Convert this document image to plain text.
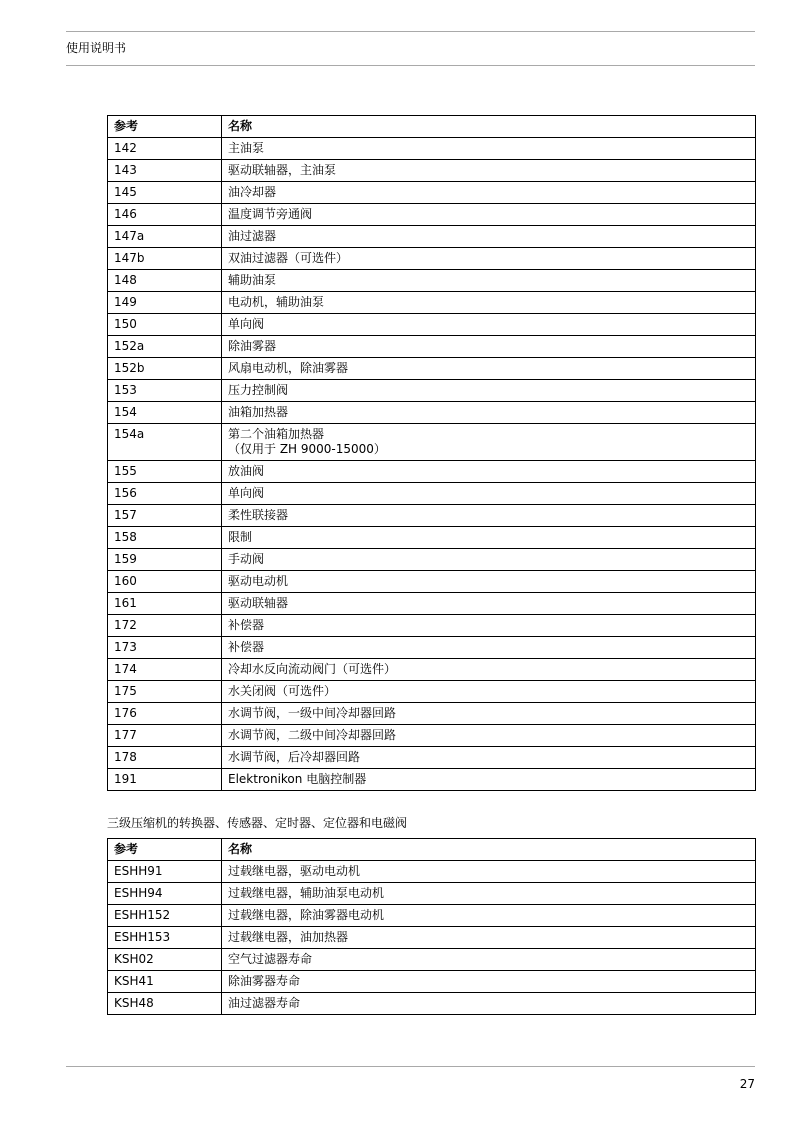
使用说明书
参考	名称
142	主油泵

143	驱动联轴器，主油泵

145	油冷却器

146	温度调节旁通阀

147a	油过滤器

147b	双油过滤器（可选件）

148	辅助油泵

149	电动机，辅助油泵

150	单向阀

152a	除油雾器

152b	风扇电动机，除油雾器

153	压力控制阀

154	油箱加热器

154a	第二个油箱加热器
（仅用于 ZH 9000-15000）

155	放油阀

156	单向阀

157	柔性联接器

158	限制

159	手动阀

160	驱动电动机

161	驱动联轴器

172	补偿器

173	补偿器

174	冷却水反向流动阀门（可选件）

175	水关闭阀（可选件）

176	水调节阀，一级中间冷却器回路

177	水调节阀，二级中间冷却器回路

178	水调节阀，后冷却器回路

191	Elektronikon 电脑控制器
三级压缩机的转换器、传感器、定时器、定位器和电磁阀
参考	名称
ESHH91	过载继电器，驱动电动机

ESHH94	过载继电器，辅助油泵电动机

ESHH152	过载继电器，除油雾器电动机

ESHH153	过载继电器，油加热器

KSH02	空气过滤器寿命

KSH41	除油雾器寿命

KSH48	油过滤器寿命
27
